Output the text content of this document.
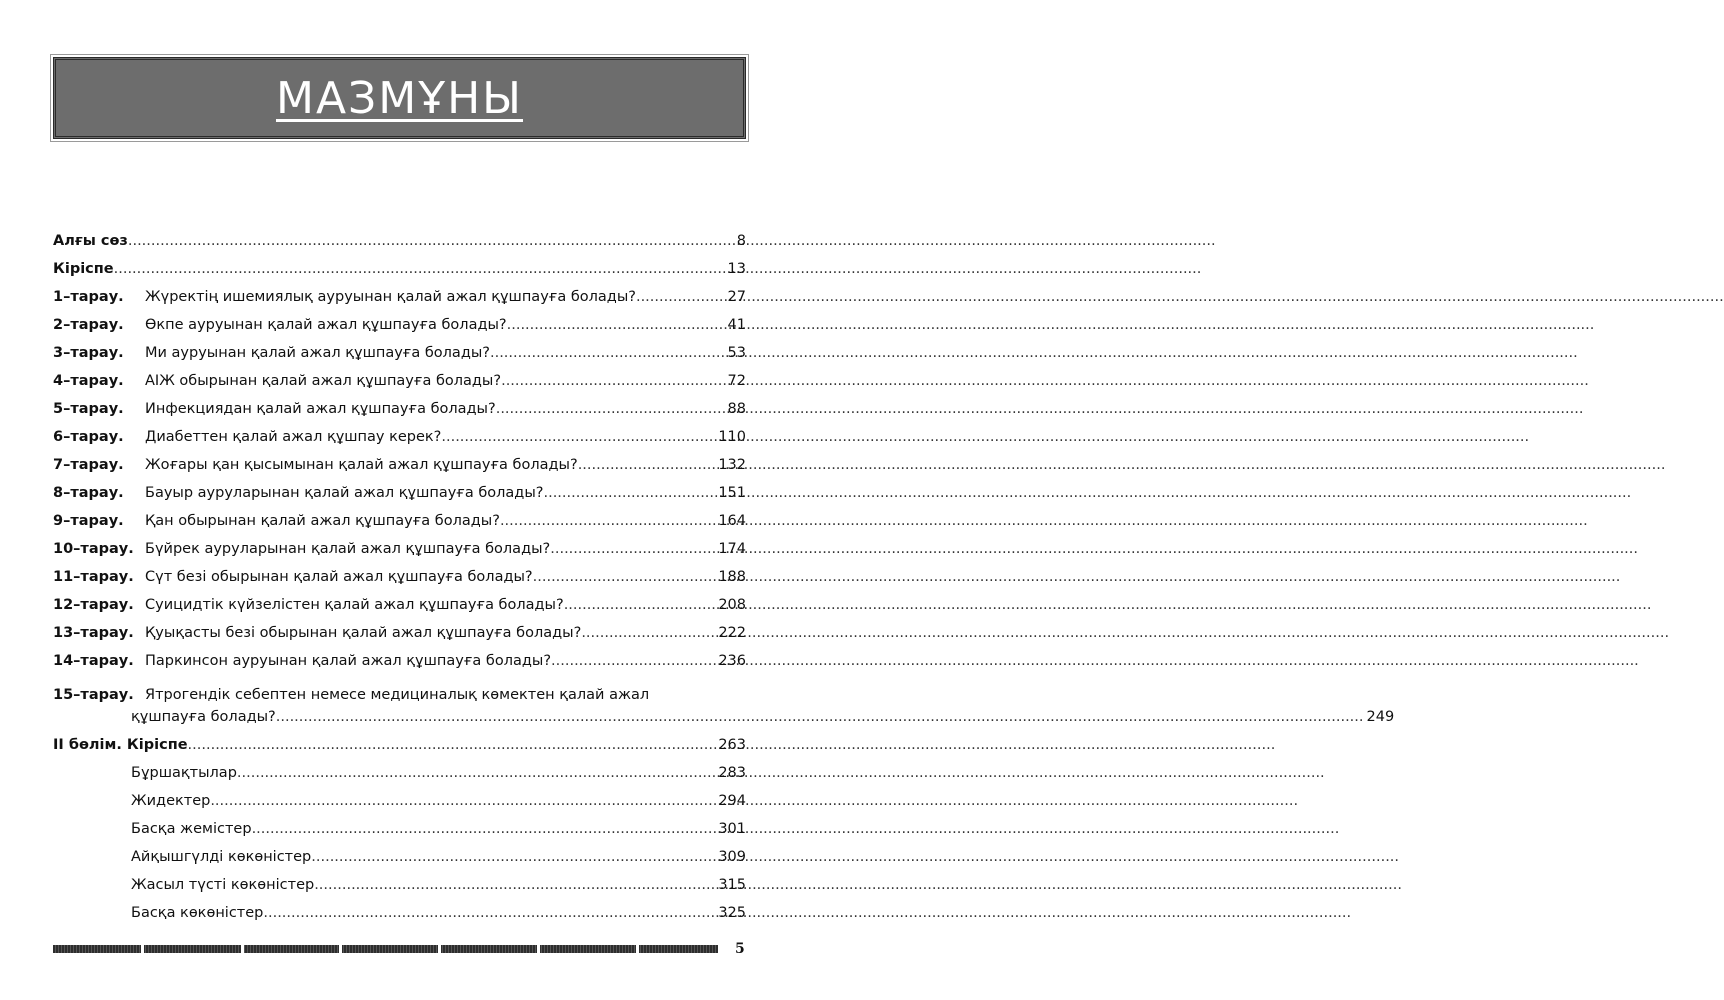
МАЗМҰНЫ
Алғы сөз .....	8
Кіріспе .....	13
1–тарау.	Жүректің ишемиялық ауруынан қалай ажал құшпауға болады? .....	27
2–тарау.	Өкпе ауруынан қалай ажал құшпауға болады? .....	41
3–тарау.	Ми ауруынан қалай ажал құшпауға болады? .....	53
4–тарау.	АІЖ обырынан қалай ажал құшпауға болады? .....	72
5–тарау.	Инфекциядан қалай ажал құшпауға болады? .....	88
6–тарау.	Диабеттен қалай ажал құшпау керек? .....	110
7–тарау.	Жоғары қан қысымынан қалай ажал құшпауға болады? .....	132
8–тарау.	Бауыр ауруларынан қалай ажал құшпауға болады? .....	151
9–тарау.	Қан обырынан қалай ажал құшпауға болады? .....	164
10–тарау. Бүйрек ауруларынан қалай ажал құшпауға болады? .....	174
11–тарау. Сүт безі обырынан қалай ажал құшпауға болады? .....	188
12–тарау. Суицидтік күйзелістен қалай ажал құшпауға болады? .....	208
13–тарау. Қуықасты безі обырынан қалай ажал құшпауға болады? .....	222
14–тарау. Паркинсон ауруынан қалай ажал құшпауға болады? .....	236
15–тарау. Ятрогендік себептен немесе медициналық көмектен қалай ажал
құшпауға болады? .....	249
ІІ бөлім. Кіріспе .....	263
Бұршақтылар .....	283
Жидектер .....	294
Басқа жемістер .....	301
Айқышгүлді көкөністер .....	309
Жасыл түсті көкөністер .....	315
Басқа көкөністер .....	325
5
